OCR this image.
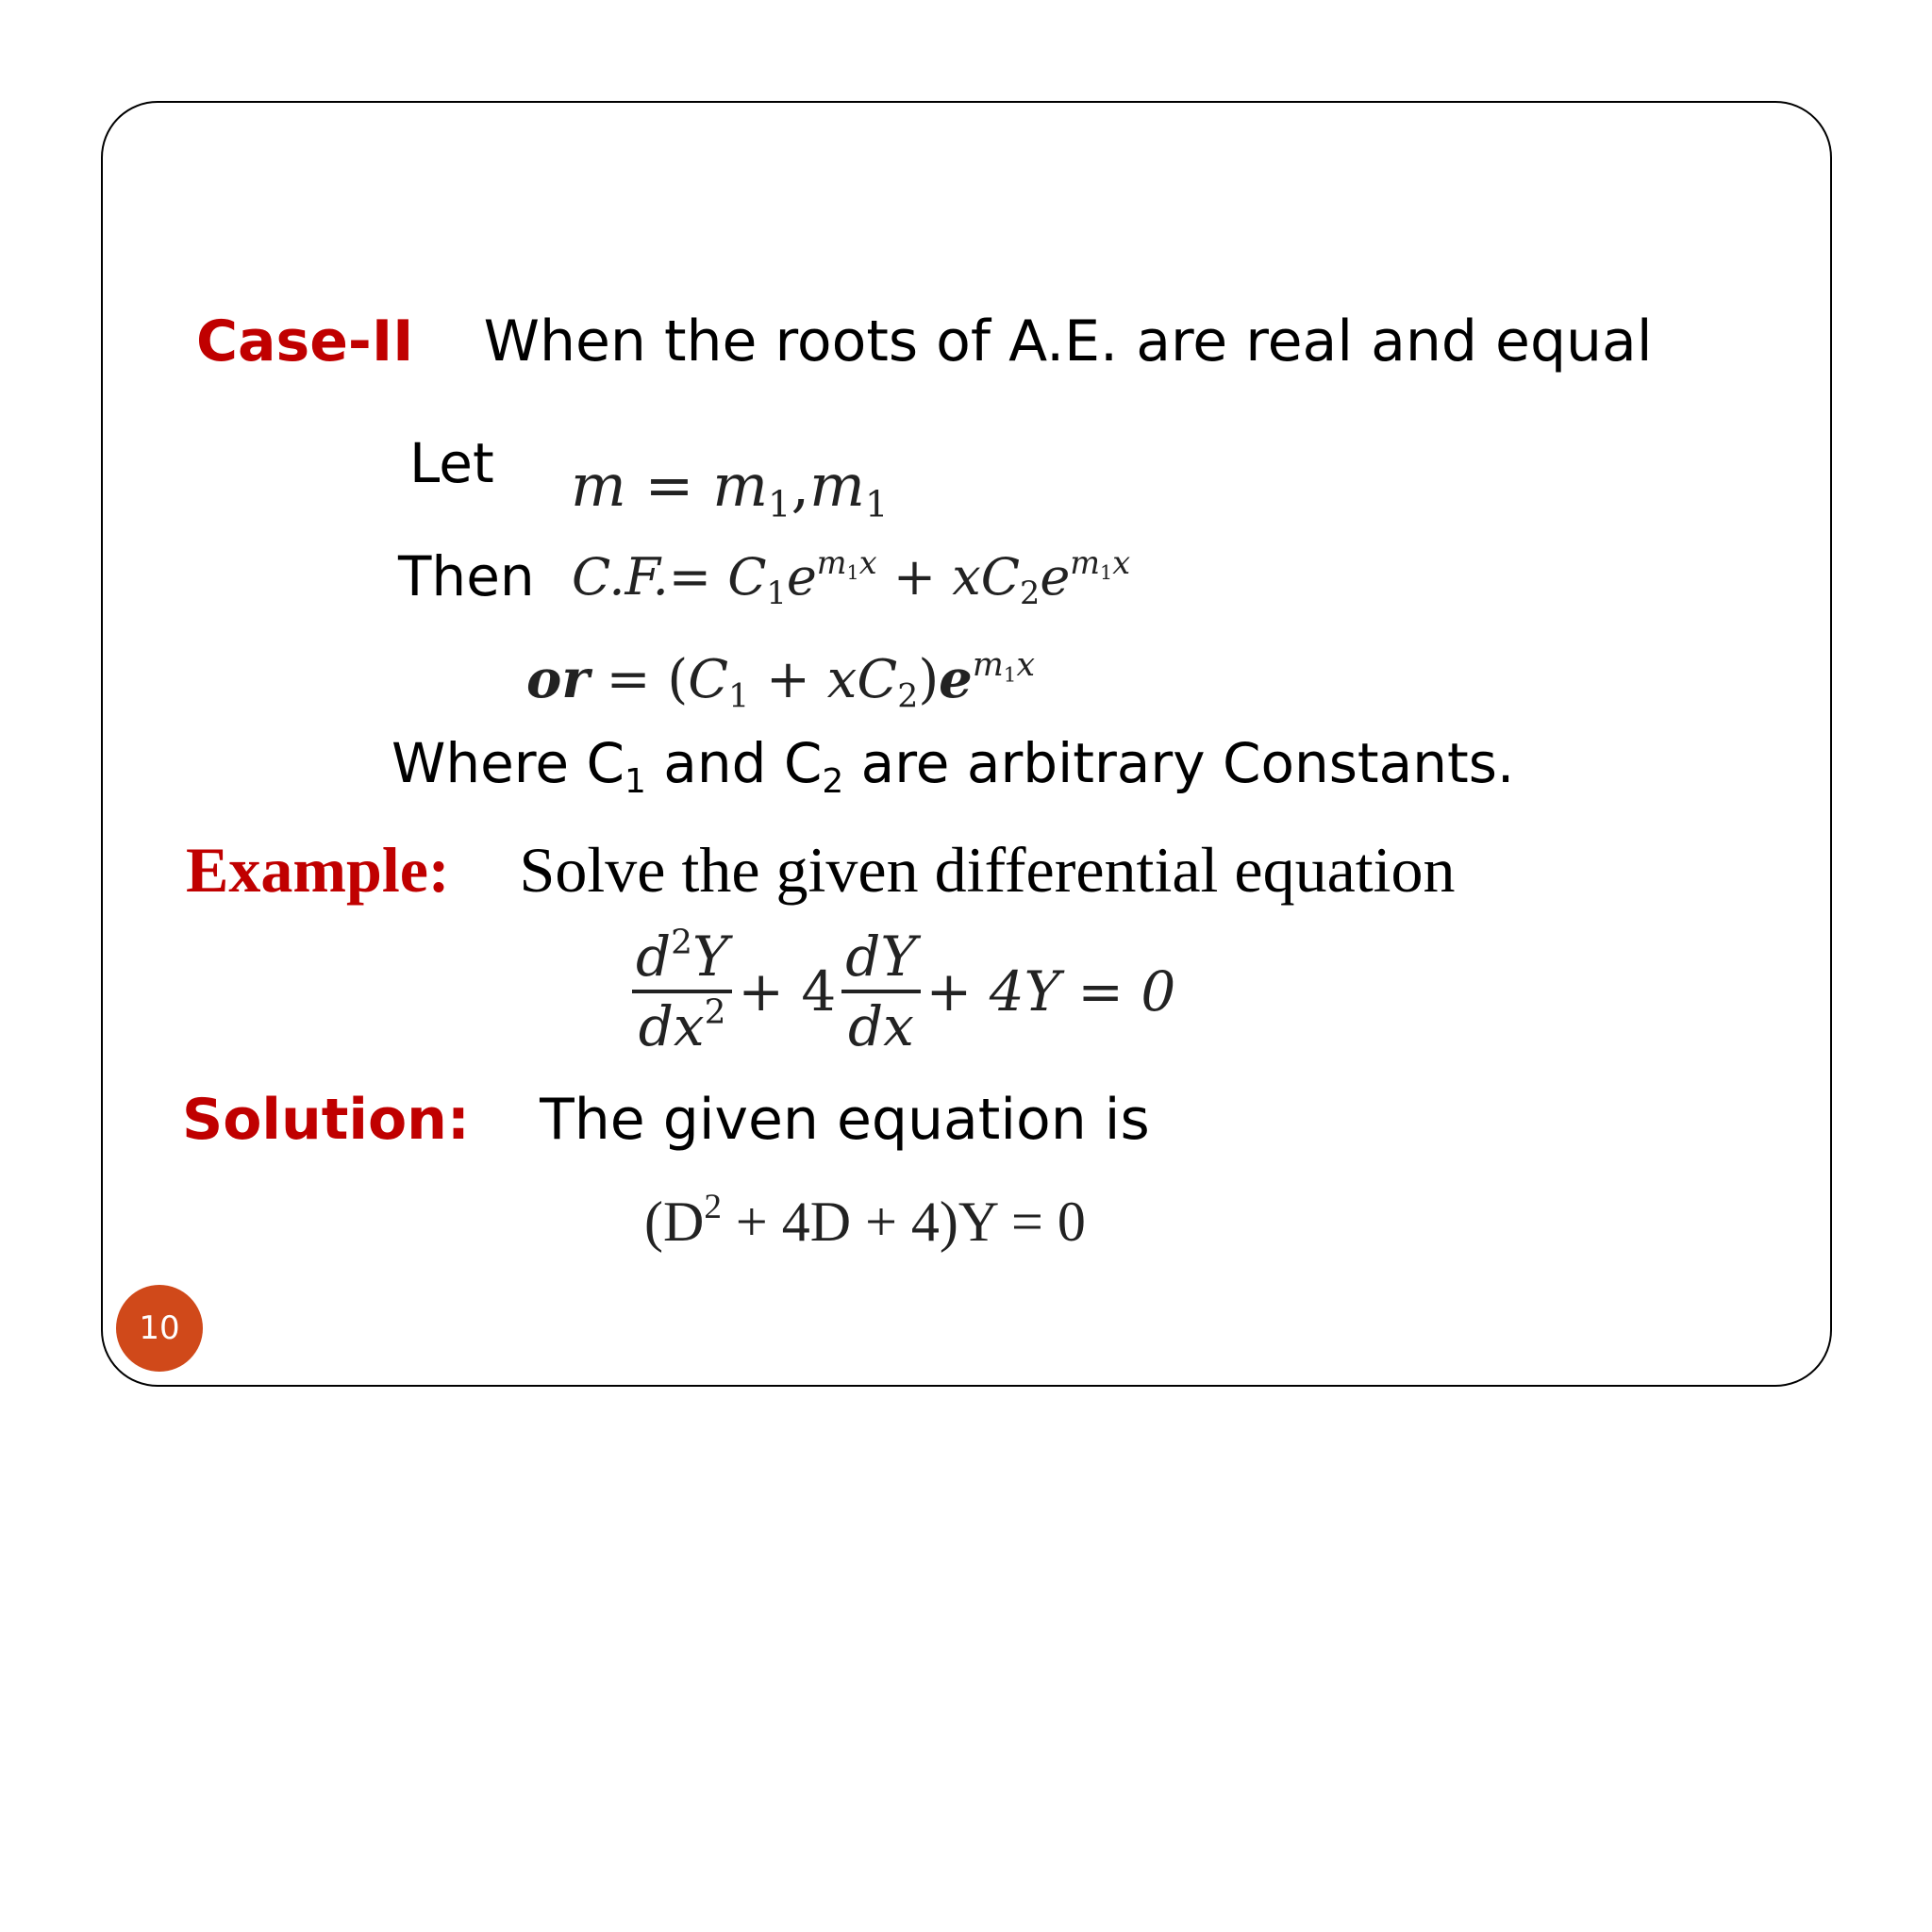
Case-II When the roots of A.E. are real and equal
Let $m = m_1,m_1$
Then $C.F.= C_1e^{m_1x} + xC_2e^{m_1x}$
or = $(C_1 + xC_2)e^{m_1x}$
Where $C_1$ and $C_2$ are arbitrary Constants.
Example: Solve the given differential equation
$\frac{d^2Y}{dx^2} + 4 \frac{dY}{dx} + 4Y = 0$
Solution: The given equation is
$(D^2 + 4D + 4)Y = 0$
10
